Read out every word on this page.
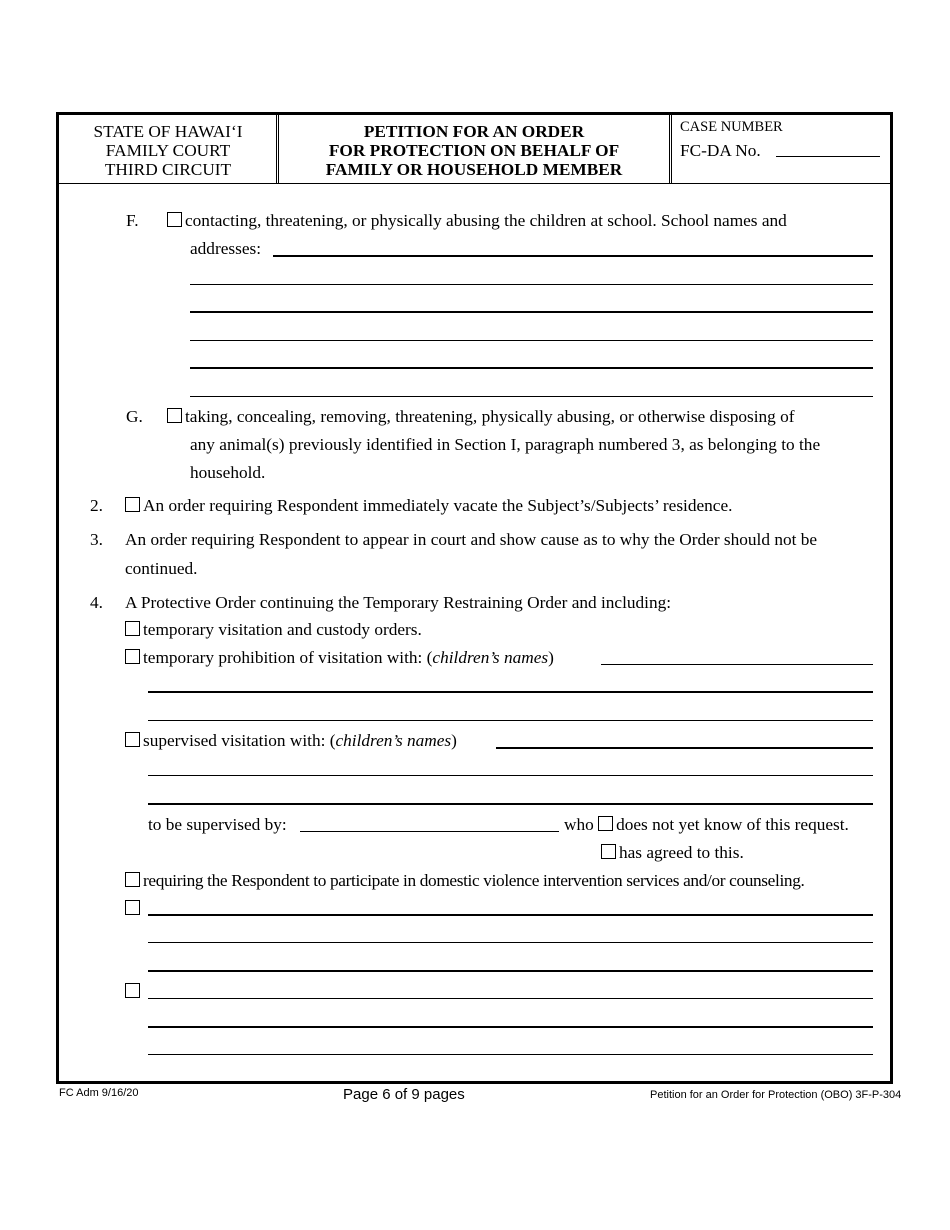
STATE OF HAWAI‘I
FAMILY COURT
THIRD CIRCUIT
PETITION FOR AN ORDER
FOR PROTECTION ON BEHALF OF
FAMILY OR HOUSEHOLD MEMBER
CASE NUMBER
FC-DA No.
F.	contacting, threatening, or physically abusing the children at school. School names and
addresses:
G.	taking, concealing, removing, threatening, physically abusing, or otherwise disposing of
any animal(s) previously identified in Section I, paragraph numbered 3, as belonging to the
household.
2.	An order requiring Respondent immediately vacate the Subject’s/Subjects’ residence.
3. An order requiring Respondent to appear in court and show cause as to why the Order should not be
continued.
4. A Protective Order continuing the Temporary Restraining Order and including:
temporary visitation and custody orders.
temporary prohibition of visitation with: (children’s names)
supervised visitation with: (children’s names)
to be supervised by:	who does not yet know of this request.
has agreed to this.
requiring the Respondent to participate in domestic violence intervention services and/or counseling.
FC Adm 9/16/20	Page 6 of 9 pages	Petition for an Order for Protection (OBO) 3F-P-304
